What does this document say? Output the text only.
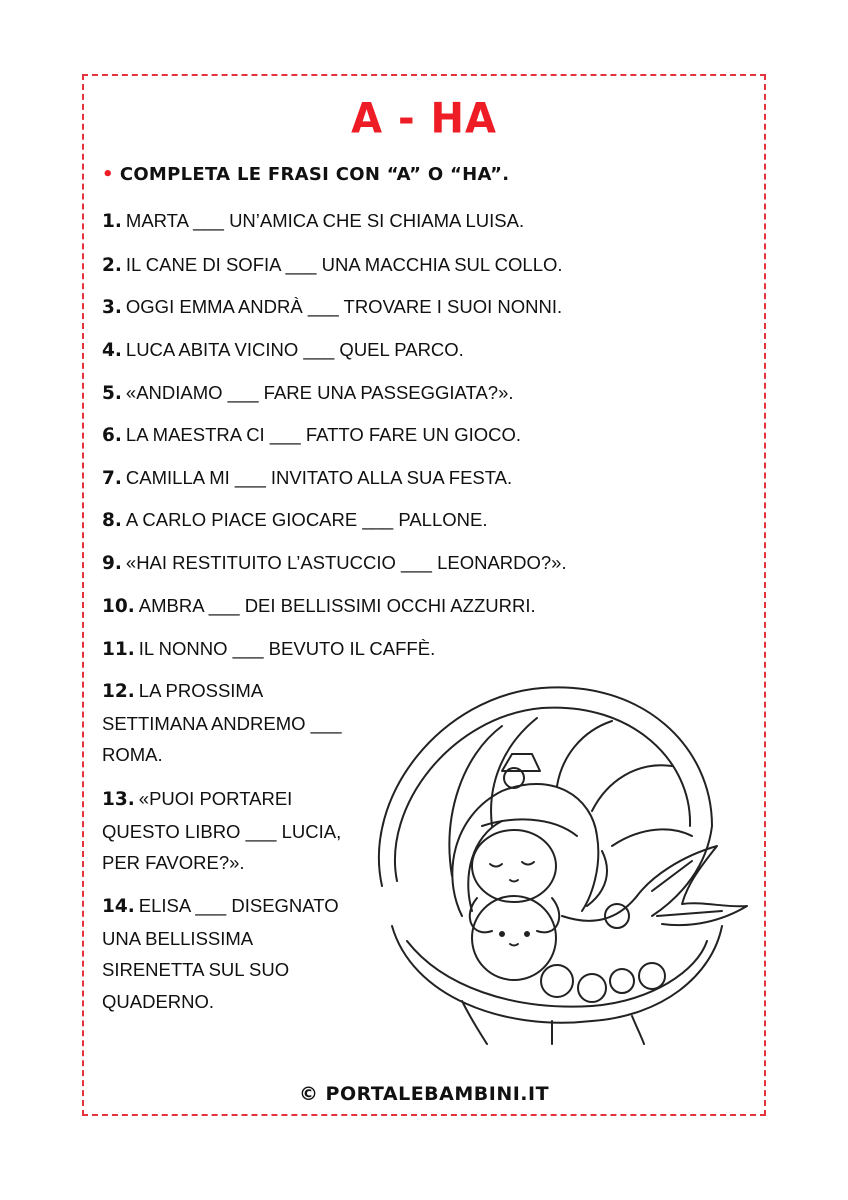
A - HA
• COMPLETA LE FRASI CON “A” O “HA”.
1. MARTA ___ UN’AMICA CHE SI CHIAMA LUISA.
2. IL CANE DI SOFIA ___ UNA MACCHIA SUL COLLO.
3. OGGI EMMA ANDRÀ ___ TROVARE I SUOI NONNI.
4. LUCA ABITA VICINO ___ QUEL PARCO.
5. «ANDIAMO ___ FARE UNA PASSEGGIATA?».
6. LA MAESTRA CI ___ FATTO FARE UN GIOCO.
7. CAMILLA MI ___ INVITATO ALLA SUA FESTA.
8. A CARLO PIACE GIOCARE ___ PALLONE.
9. «HAI RESTITUITO L’ASTUCCIO ___ LEONARDO?».
10. AMBRA ___ DEI BELLISSIMI OCCHI AZZURRI.
11. IL NONNO ___ BEVUTO IL CAFFÈ.
12. LA PROSSIMA SETTIMANA ANDREMO ___ ROMA.
13. «PUOI PORTAREI QUESTO LIBRO ___ LUCIA, PER FAVORE?».
14. ELISA ___ DISEGNATO UNA BELLISSIMA SIRENETTA SUL SUO QUADERNO.
© PORTALEBAMBINI.IT
